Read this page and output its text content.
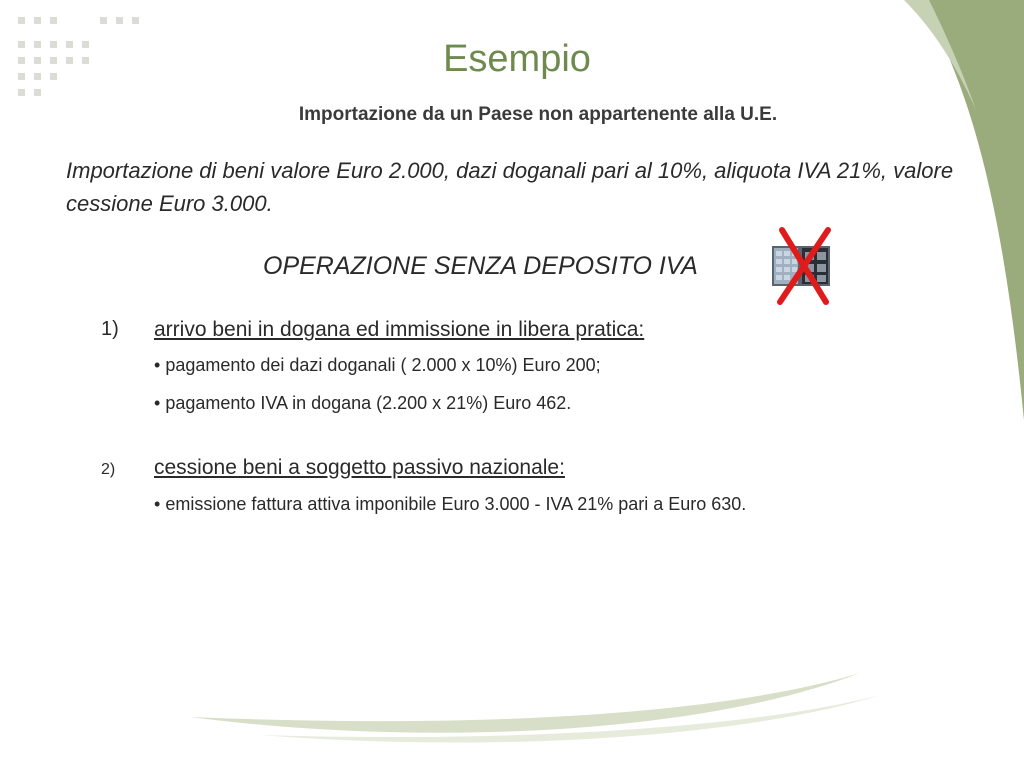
Esempio
Importazione da un Paese non appartenente alla U.E.
Importazione di beni valore Euro 2.000, dazi doganali pari al 10%, aliquota IVA 21%, valore cessione Euro 3.000.
OPERAZIONE SENZA DEPOSITO IVA
1) arrivo beni in dogana ed immissione in libera pratica:
• pagamento dei dazi doganali ( 2.000 x 10%) Euro 200;
• pagamento IVA in dogana (2.200 x 21%) Euro 462.
2) cessione beni a soggetto passivo nazionale:
• emissione fattura attiva imponibile Euro 3.000 - IVA 21% pari a Euro 630.
